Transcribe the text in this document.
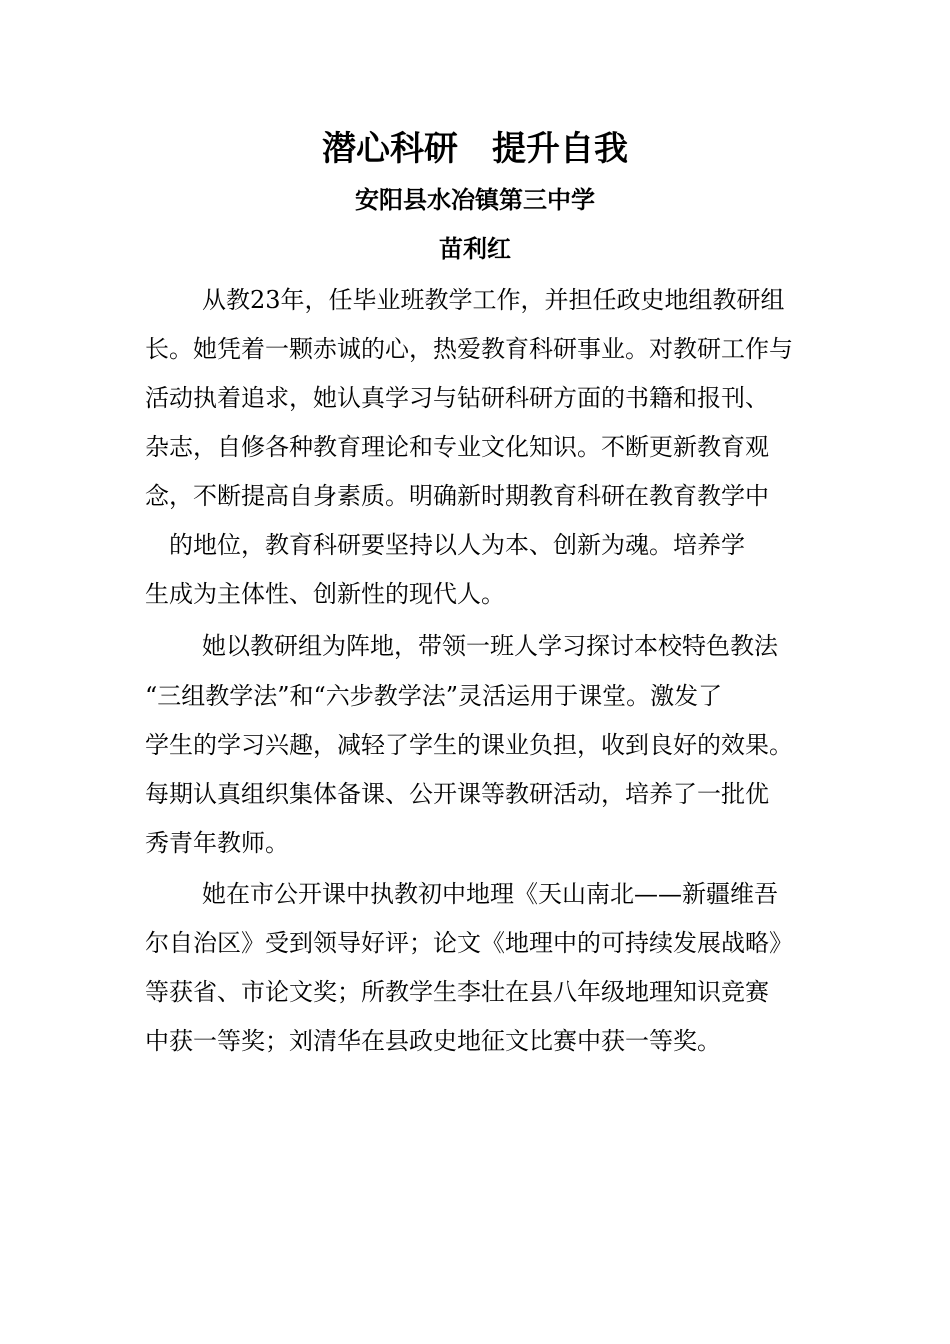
潜心科研　提升自我
安阳县水冶镇第三中学
苗利红
从教23年，任毕业班教学工作，并担任政史地组教研组
长。她凭着一颗赤诚的心，热爱教育科研事业。对教研工作与
活动执着追求，她认真学习与钻研科研方面的书籍和报刊、
杂志，自修各种教育理论和专业文化知识。不断更新教育观
念，不断提高自身素质。明确新时期教育科研在教育教学中
的地位，教育科研要坚持以人为本、创新为魂。培养学
生成为主体性、创新性的现代人。
她以教研组为阵地，带领一班人学习探讨本校特色教法
“三组教学法”和“六步教学法”灵活运用于课堂。激发了
学生的学习兴趣，减轻了学生的课业负担，收到良好的效果。
每期认真组织集体备课、公开课等教研活动，培养了一批优
秀青年教师。
她在市公开课中执教初中地理《天山南北——新疆维吾
尔自治区》受到领导好评；论文《地理中的可持续发展战略》
等获省、市论文奖；所教学生李壮在县八年级地理知识竞赛
中获一等奖；刘清华在县政史地征文比赛中获一等奖。
